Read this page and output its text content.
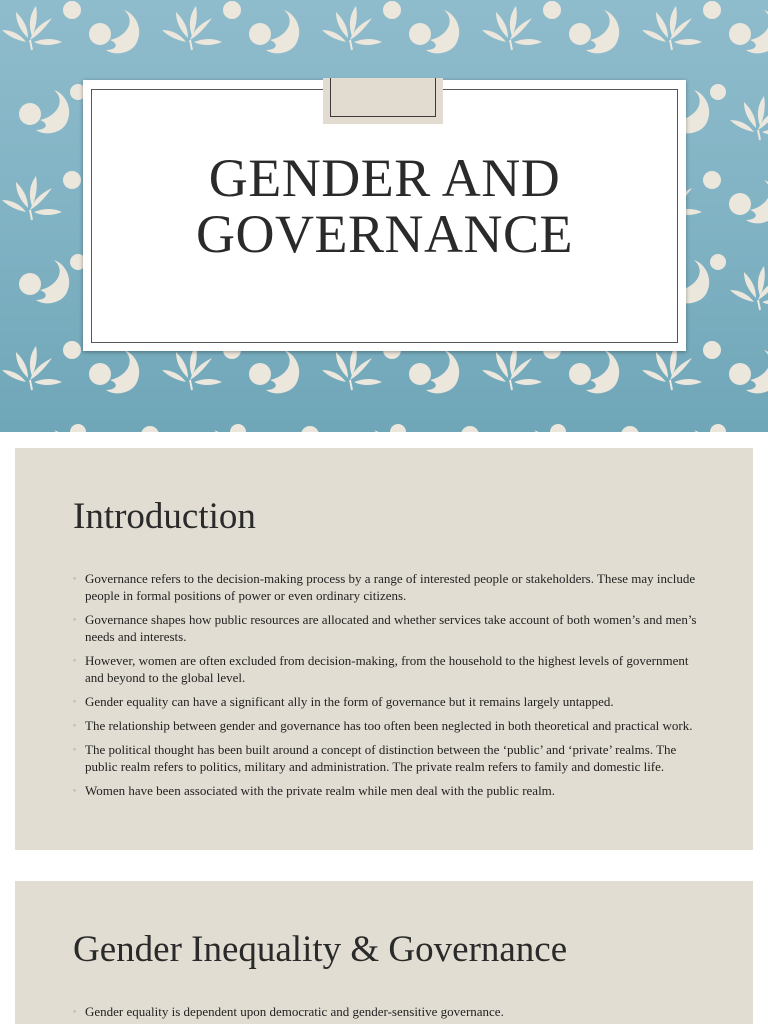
GENDER AND
GOVERNANCE
Introduction
◦ Governance refers to the decision-making process by a range of interested people or stakeholders. These may include people in formal positions of power or even ordinary citizens.
◦ Governance shapes how public resources are allocated and whether services take account of both women’s and men’s needs and interests.
◦ However, women are often excluded from decision-making, from the household to the highest levels of government and beyond to the global level.
◦ Gender equality can have a significant ally in the form of governance but it remains largely untapped.
◦ The relationship between gender and governance has too often been neglected in both theoretical and practical work.
◦ The political thought has been built around a concept of distinction between the ‘public’ and ‘private’ realms. The public realm refers to politics, military and administration. The private realm refers to family and domestic life.
◦ Women have been associated with the private realm while men deal with the public realm.
Gender Inequality & Governance
◦ Gender equality is dependent upon democratic and gender-sensitive governance.
